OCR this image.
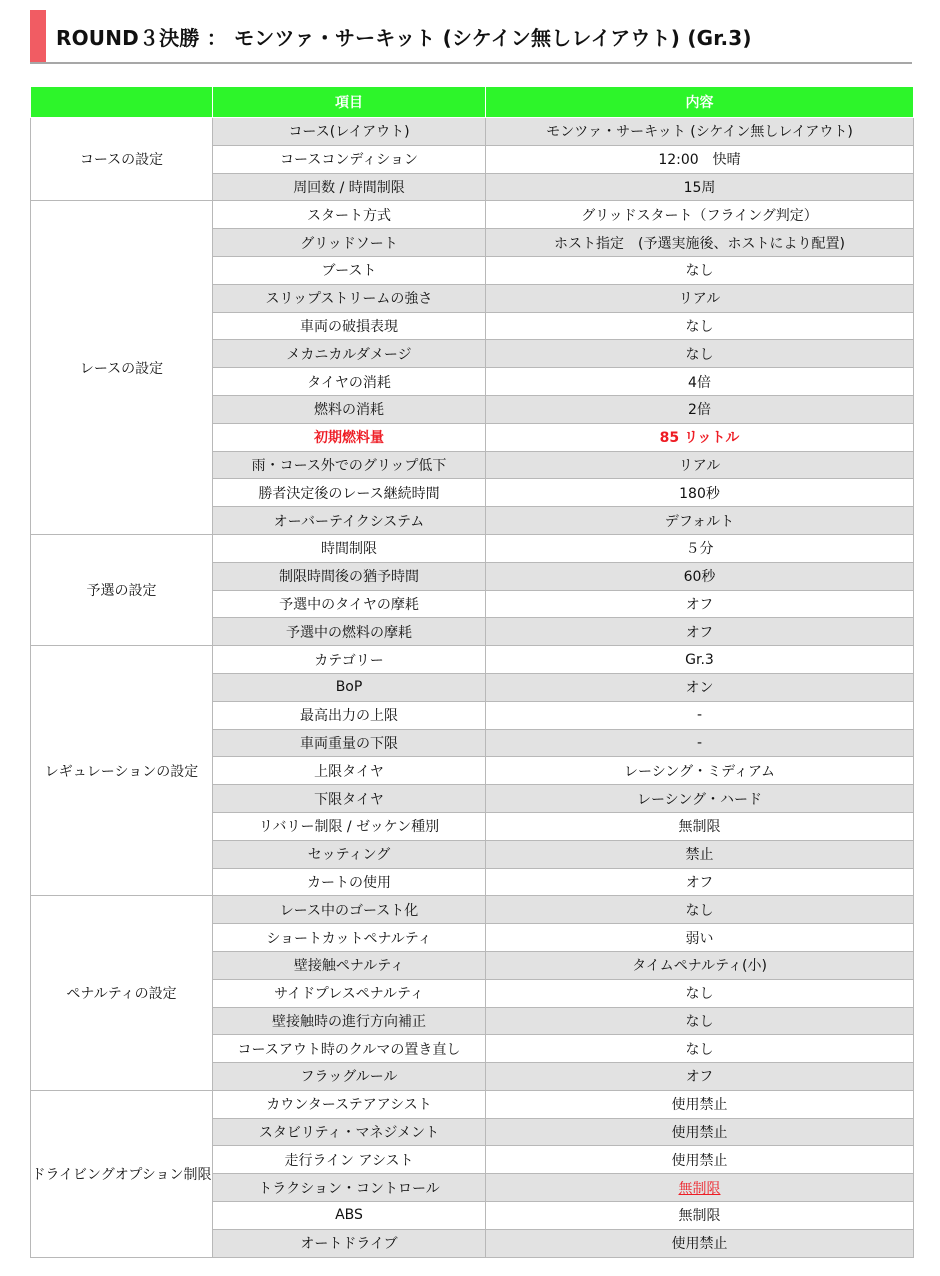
ROUND３決勝 ： モンツァ・サーキット (シケイン無しレイアウト) (Gr.3)
	項目	内容
コースの設定	コース(レイアウト)	モンツァ・サーキット (シケイン無しレイアウト)
	コースコンディション	12:00　快晴
	周回数 / 時間制限	15周
レースの設定	スタート方式	グリッドスタート（フライング判定）
	グリッドソート	ホスト指定　(予選実施後、ホストにより配置)
	ブースト	なし
	スリップストリームの強さ	リアル
	車両の破損表現	なし
	メカニカルダメージ	なし
	タイヤの消耗	4倍
	燃料の消耗	2倍
	初期燃料量	85 リットル
	雨・コース外でのグリップ低下	リアル
	勝者決定後のレース継続時間	180秒
	オーバーテイクシステム	デフォルト
予選の設定	時間制限	５分
	制限時間後の猶予時間	60秒
	予選中のタイヤの摩耗	オフ
	予選中の燃料の摩耗	オフ
レギュレーションの設定	カテゴリー	Gr.3
	BoP	オン
	最高出力の上限	-
	車両重量の下限	-
	上限タイヤ	レーシング・ミディアム
	下限タイヤ	レーシング・ハード
	リバリー制限 / ゼッケン種別	無制限
	セッティング	禁止
	カートの使用	オフ
ペナルティの設定	レース中のゴースト化	なし
	ショートカットペナルティ	弱い
	壁接触ペナルティ	タイムペナルティ(小)
	サイドプレスペナルティ	なし
	壁接触時の進行方向補正	なし
	コースアウト時のクルマの置き直し	なし
	フラッグルール	オフ
ドライビングオプション制限	カウンターステアアシスト	使用禁止
	スタビリティ・マネジメント	使用禁止
	走行ライン アシスト	使用禁止
	トラクション・コントロール	無制限
	ABS	無制限
	オートドライブ	使用禁止
